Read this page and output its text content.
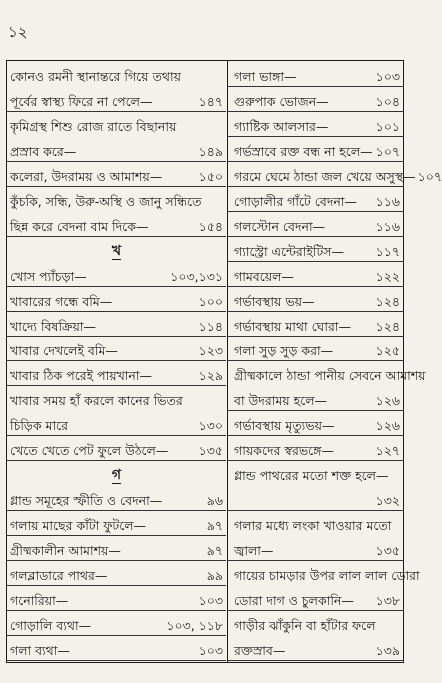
১২
কোনও রমনী স্থানান্তরে গিয়ে তথায়
পূর্বের স্বাস্থ্য ফিরে না পেলে—	১৪৭
কৃমিগ্রস্থ শিশু রোজ রাতে বিছানায়
প্রস্রাব করে—	১৪৯
কলেরা, উদরাময় ও আমাশয়—	১৫০
কুঁচকি, সন্ধি, উরু-অস্থি ও জানু সন্ধিতে
ছিন্ন করে বেদনা বাম দিকে—	১৫৪
খ
খোস প্যাঁচড়া—	১০৩,১৩১
খাবারের গন্ধে বমি—	১০০
খাদ্যে বিষক্রিয়া—	১১৪
খাবার দেখলেই বমি—	১২৩
খাবার ঠিক পরেই পায়খানা—	১২৯
খাবার সময় হাঁ করলে কানের ভিতর
চিড়িক মারে	১৩০
খেতে খেতে পেট ফুলে উঠলে— ১৩৫
গ
গ্লান্ড সমূহের স্ফীতি ও বেদনা—	৯৬
গলায় মাছের কাঁটা ফুটলে—	৯৭
গ্রীষ্মকালীন আমাশয়—	৯৭
গলব্লাডারে পাথর—	৯৯
গনোরিয়া—	১০৩
গোড়ালি ব্যথা—	১০৩, ১১৮
গলা ব্যথা—	১০৩
গলা ভাঙ্গা—	১০৩
গুরুপাক ভোজন—	১০৪
গ্যাষ্টিক আলসার—	১০১
গর্ভস্রাবে রক্ত বন্ধ না হলে— ১০৭
গরমে ঘেমে ঠান্ডা জল খেয়ে অসুস্থ— ১০৭
গোড়ালীর গাঁটে বেদনা— ১১৬
গলস্টোন বেদনা—	১১৬
গ্যাস্ট্রো এন্টেরাইটিস—	১১৭
গামবয়েল—	১২২
গর্ভাবস্থায় ভয়—	১২৪
গর্ভাবস্থায় মাথা ঘোরা— ১২৪
গলা সুড় সুড় করা—	১২৫
গ্রীষ্মকালে ঠান্ডা পানীয় সেবনে আমাশয়
বা উদরাময় হলে—	১২৬
গর্ভাবস্থায় মৃত্যুভয়—	১২৬
গায়কদের স্বরভঙ্গে—	১২৭
গ্লান্ড পাথরের মতো শক্ত হলে—
১৩২
গলার মধ্যে লংকা খাওয়ার মতো
জ্বালা—	১৩৫
গায়ের চামড়ার উপর লাল লাল ডোরা
ডোরা দাগ ও চুলকানি— ১৩৮
গাড়ীর ঝাঁকুনি বা হাঁটার ফলে
রক্তস্রাব—	১৩৯
